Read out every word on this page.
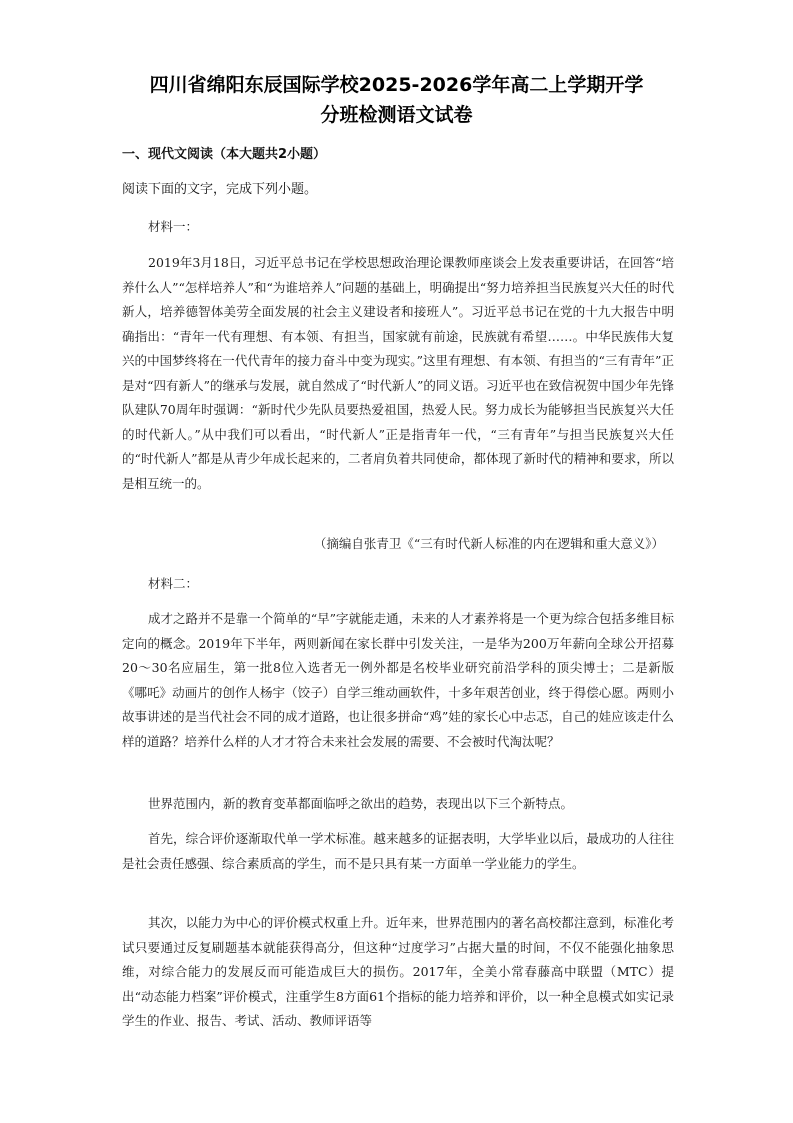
四川省绵阳东辰国际学校2025-2026学年高二上学期开学
分班检测语文试卷
一、现代文阅读（本大题共2小题）
阅读下面的文字，完成下列小题。
材料一：
2019年3月18日，习近平总书记在学校思想政治理论课教师座谈会上发表重要讲话，在回答“培养什么人”“怎样培养人”和“为谁培养人”问题的基础上，明确提出“努力培养担当民族复兴大任的时代新人，培养德智体美劳全面发展的社会主义建设者和接班人”。习近平总书记在党的十九大报告中明确指出：“青年一代有理想、有本领、有担当，国家就有前途，民族就有希望……。中华民族伟大复兴的中国梦终将在一代代青年的接力奋斗中变为现实。”这里有理想、有本领、有担当的“三有青年”正是对“四有新人”的继承与发展，就自然成了“时代新人”的同义语。习近平也在致信祝贺中国少年先锋队建队70周年时强调：“新时代少先队员要热爱祖国，热爱人民。努力成长为能够担当民族复兴大任的时代新人。”从中我们可以看出，“时代新人”正是指青年一代，“三有青年”与担当民族复兴大任的“时代新人”都是从青少年成长起来的，二者肩负着共同使命，都体现了新时代的精神和要求，所以是相互统一的。
（摘编自张青卫《“三有时代新人标准的内在逻辑和重大意义》）
材料二：
成才之路并不是靠一个简单的“早”字就能走通，未来的人才素养将是一个更为综合包括多维目标定向的概念。2019年下半年，两则新闻在家长群中引发关注，一是华为200万年薪向全球公开招募20～30名应届生，第一批8位入选者无一例外都是名校毕业研究前沿学科的顶尖博士；二是新版《哪吒》动画片的创作人杨宇（饺子）自学三维动画软件，十多年艰苦创业，终于得偿心愿。两则小故事讲述的是当代社会不同的成才道路，也让很多拼命“鸡”娃的家长心中忐忑，自己的娃应该走什么样的道路？培养什么样的人才才符合未来社会发展的需要、不会被时代淘汰呢？
世界范围内，新的教育变革都面临呼之欲出的趋势，表现出以下三个新特点。
首先，综合评价逐渐取代单一学术标准。越来越多的证据表明，大学毕业以后，最成功的人往往是社会责任感强、综合素质高的学生，而不是只具有某一方面单一学业能力的学生。
其次，以能力为中心的评价模式权重上升。近年来，世界范围内的著名高校都注意到，标准化考试只要通过反复刷题基本就能获得高分，但这种“过度学习”占据大量的时间，不仅不能强化抽象思维，对综合能力的发展反而可能造成巨大的损伤。2017年，全美小常春藤高中联盟（MTC）提出“动态能力档案”评价模式，注重学生8方面61个指标的能力培养和评价，以一种全息模式如实记录学生的作业、报告、考试、活动、教师评语等
